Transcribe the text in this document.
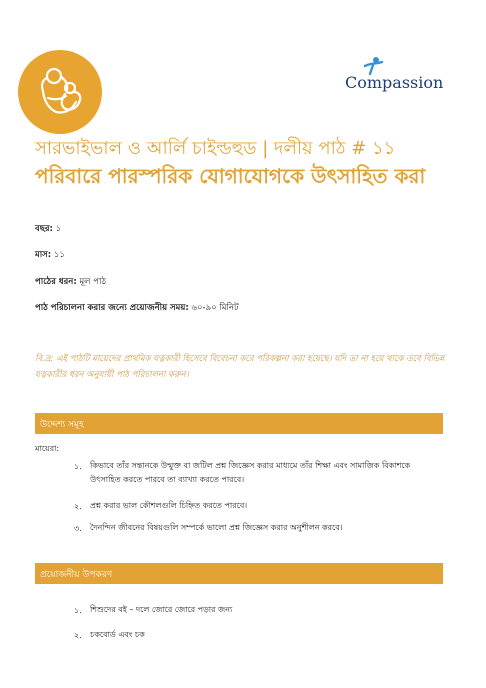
Compassion
সারভাইভাল ও আর্লি চাইল্ডহুড | দলীয় পাঠ # ১১
পরিবারে পারস্পরিক যোগাযোগকে উৎসাহিত করা
বছর: ১
মাস: ১১
পাঠের ধরন: মূল পাঠ
পাঠ পরিচালনা করার জন্যে প্রয়োজনীয় সময়: ৬০-৯০ মিনিট
বি.দ্র: এই পাঠটি মায়েদের প্রাথমিক যত্নকারী হিসেবে বিবেচনা করে পরিকল্পনা করা হয়েছে। যদি তা না হয়ে থাকে তবে বিভিন্ন যত্নকারীর ধরন অনুযায়ী পাঠ পরিচালনা করুন।
উদ্দেশ্য সমূহ
মায়েরা:
১. কিভাবে তাঁর সন্তানকে উন্মুক্ত বা জটিল প্রশ্ন জিজ্ঞেস করার মাধ্যমে তাঁর শিক্ষা এবং সামাজিক বিকাশকে
উৎসাহিত করতে পারবে তা ব্যাখ্যা করতে পারবে।
২. প্রশ্ন করার ভাল কৌশলগুলি চিহ্নিত করতে পারবে।
৩. দৈনন্দিন জীবনের বিষয়গুলি সম্পর্কে ভালো প্রশ্ন জিজ্ঞেস করার অনুশীলন করবে।
প্রয়োজনীয় উপকরণ
১. শিশুদের বই – দলে জোরে জোরে পড়ার জন্য
২. চকবোর্ড এবং চক
